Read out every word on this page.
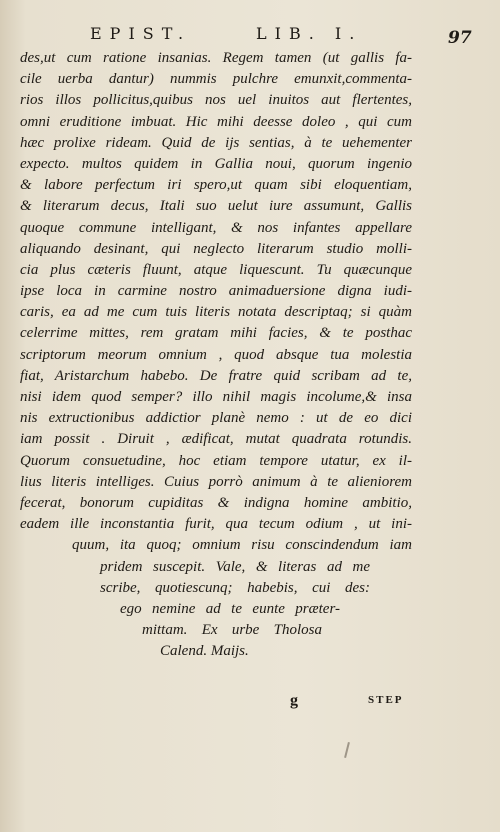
EPIST.	LIB. I.	97
des,ut cum ratione insanias. Regem tamen (ut gallis fa-
cile uerba dantur) nummis pulchre emunxit,commenta-
rios illos pollicitus,quibus nos uel inuitos aut flertentes,
omni eruditione imbuat. Hic mihi deesse doleo , qui cum
hæc prolixe rideam. Quid de ijs sentias, à te uehementer
expecto. multos quidem in Gallia noui, quorum ingenio
& labore perfectum iri spero,ut quam sibi eloquentiam,
& literarum decus, Itali suo uelut iure assumunt, Gallis
quoque commune intelligant, & nos infantes appellare
aliquando desinant, qui neglecto literarum studio molli-
cia plus cæteris fluunt, atque liquescunt. Tu quæcunque
ipse loca in carmine nostro animaduersione digna iudi-
caris, ea ad me cum tuis literis notata descriptaq; si quàm
celerrime mittes, rem gratam mihi facies, & te posthac
scriptorum meorum omnium , quod absque tua molestia
fiat, Aristarchum habebo. De fratre quid scribam ad te,
nisi idem quod semper? illo nihil magis incolume,& insa
nis extructionibus addictior planè nemo : ut de eo dici
iam possit . Diruit , ædificat, mutat quadrata rotundis.
Quorum consuetudine, hoc etiam tempore utatur, ex il-
lius literis intelliges. Cuius porrò animum à te alieniorem
fecerat, bonorum cupiditas & indigna homine ambitio,
eadem ille inconstantia furit, qua tecum odium , ut ini-
quum, ita quoq; omnium risu conscindendum iam
pridem suscepit. Vale, & literas ad me
scribe, quotiescunq; habebis, cui des:
ego nemine ad te eunte præter-
mittam. Ex urbe Tholosa
Calend. Maijs.
g	STEP
